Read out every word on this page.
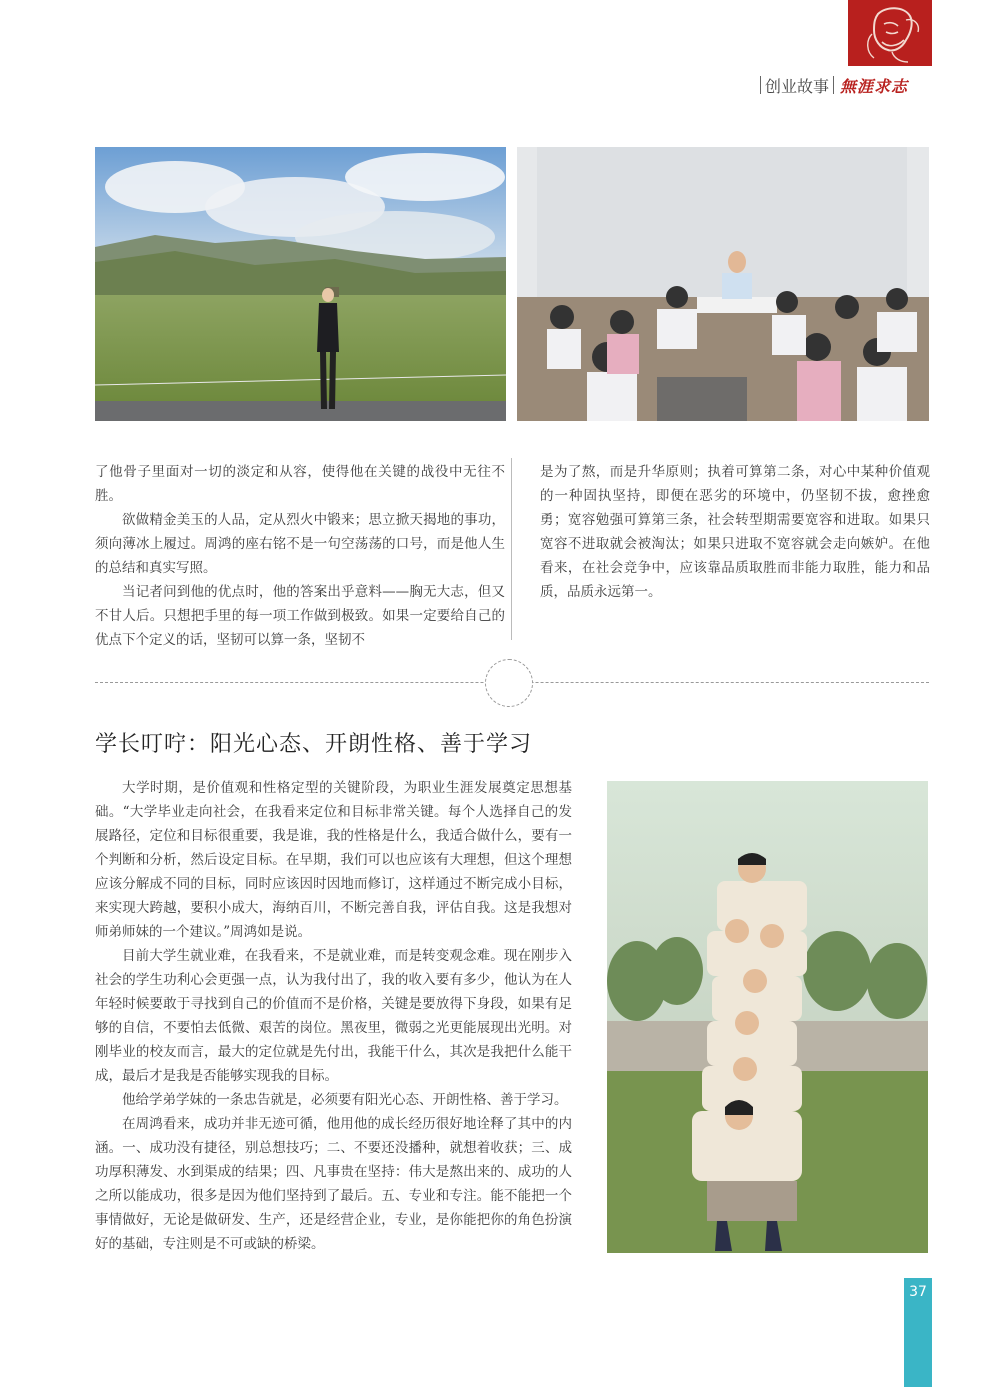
创业故事 無涯求志

了他骨子里面对一切的淡定和从容，使得他在关键的战役中无往不胜。

欲做精金美玉的人品，定从烈火中锻来；思立掀天揭地的事功，须向薄冰上履过。周鸿的座右铭不是一句空荡荡的口号，而是他人生的总结和真实写照。

当记者问到他的优点时，他的答案出乎意料——胸无大志，但又不甘人后。只想把手里的每一项工作做到极致。如果一定要给自己的优点下个定义的话，坚韧可以算一条，坚韧不

是为了熬，而是升华原则；执着可算第二条，对心中某种价值观的一种固执坚持，即便在恶劣的环境中，仍坚韧不拔，愈挫愈勇；宽容勉强可算第三条，社会转型期需要宽容和进取。如果只宽容不进取就会被淘汰；如果只进取不宽容就会走向嫉妒。在他看来，在社会竞争中，应该靠品质取胜而非能力取胜，能力和品质，品质永远第一。

学长叮咛：阳光心态、开朗性格、善于学习

大学时期，是价值观和性格定型的关键阶段，为职业生涯发展奠定思想基础。“大学毕业走向社会，在我看来定位和目标非常关键。每个人选择自己的发展路径，定位和目标很重要，我是谁，我的性格是什么，我适合做什么，要有一个判断和分析，然后设定目标。在早期，我们可以也应该有大理想，但这个理想应该分解成不同的目标，同时应该因时因地而修订，这样通过不断完成小目标，来实现大跨越，要积小成大，海纳百川，不断完善自我，评估自我。这是我想对师弟师妹的一个建议。”周鸿如是说。

目前大学生就业难，在我看来，不是就业难，而是转变观念难。现在刚步入社会的学生功利心会更强一点，认为我付出了，我的收入要有多少，他认为在人年轻时候要敢于寻找到自己的价值而不是价格，关键是要放得下身段，如果有足够的自信，不要怕去低微、艰苦的岗位。黑夜里，微弱之光更能展现出光明。对刚毕业的校友而言，最大的定位就是先付出，我能干什么，其次是我把什么能干成，最后才是我是否能够实现我的目标。

他给学弟学妹的一条忠告就是，必须要有阳光心态、开朗性格、善于学习。

在周鸿看来，成功并非无迹可循，他用他的成长经历很好地诠释了其中的内涵。一、成功没有捷径，别总想技巧；二、不要还没播种，就想着收获；三、成功厚积薄发、水到渠成的结果；四、凡事贵在坚持：伟大是熬出来的、成功的人之所以能成功，很多是因为他们坚持到了最后。五、专业和专注。能不能把一个事情做好，无论是做研发、生产，还是经营企业，专业，是你能把你的角色扮演好的基础，专注则是不可或缺的桥梁。

37
